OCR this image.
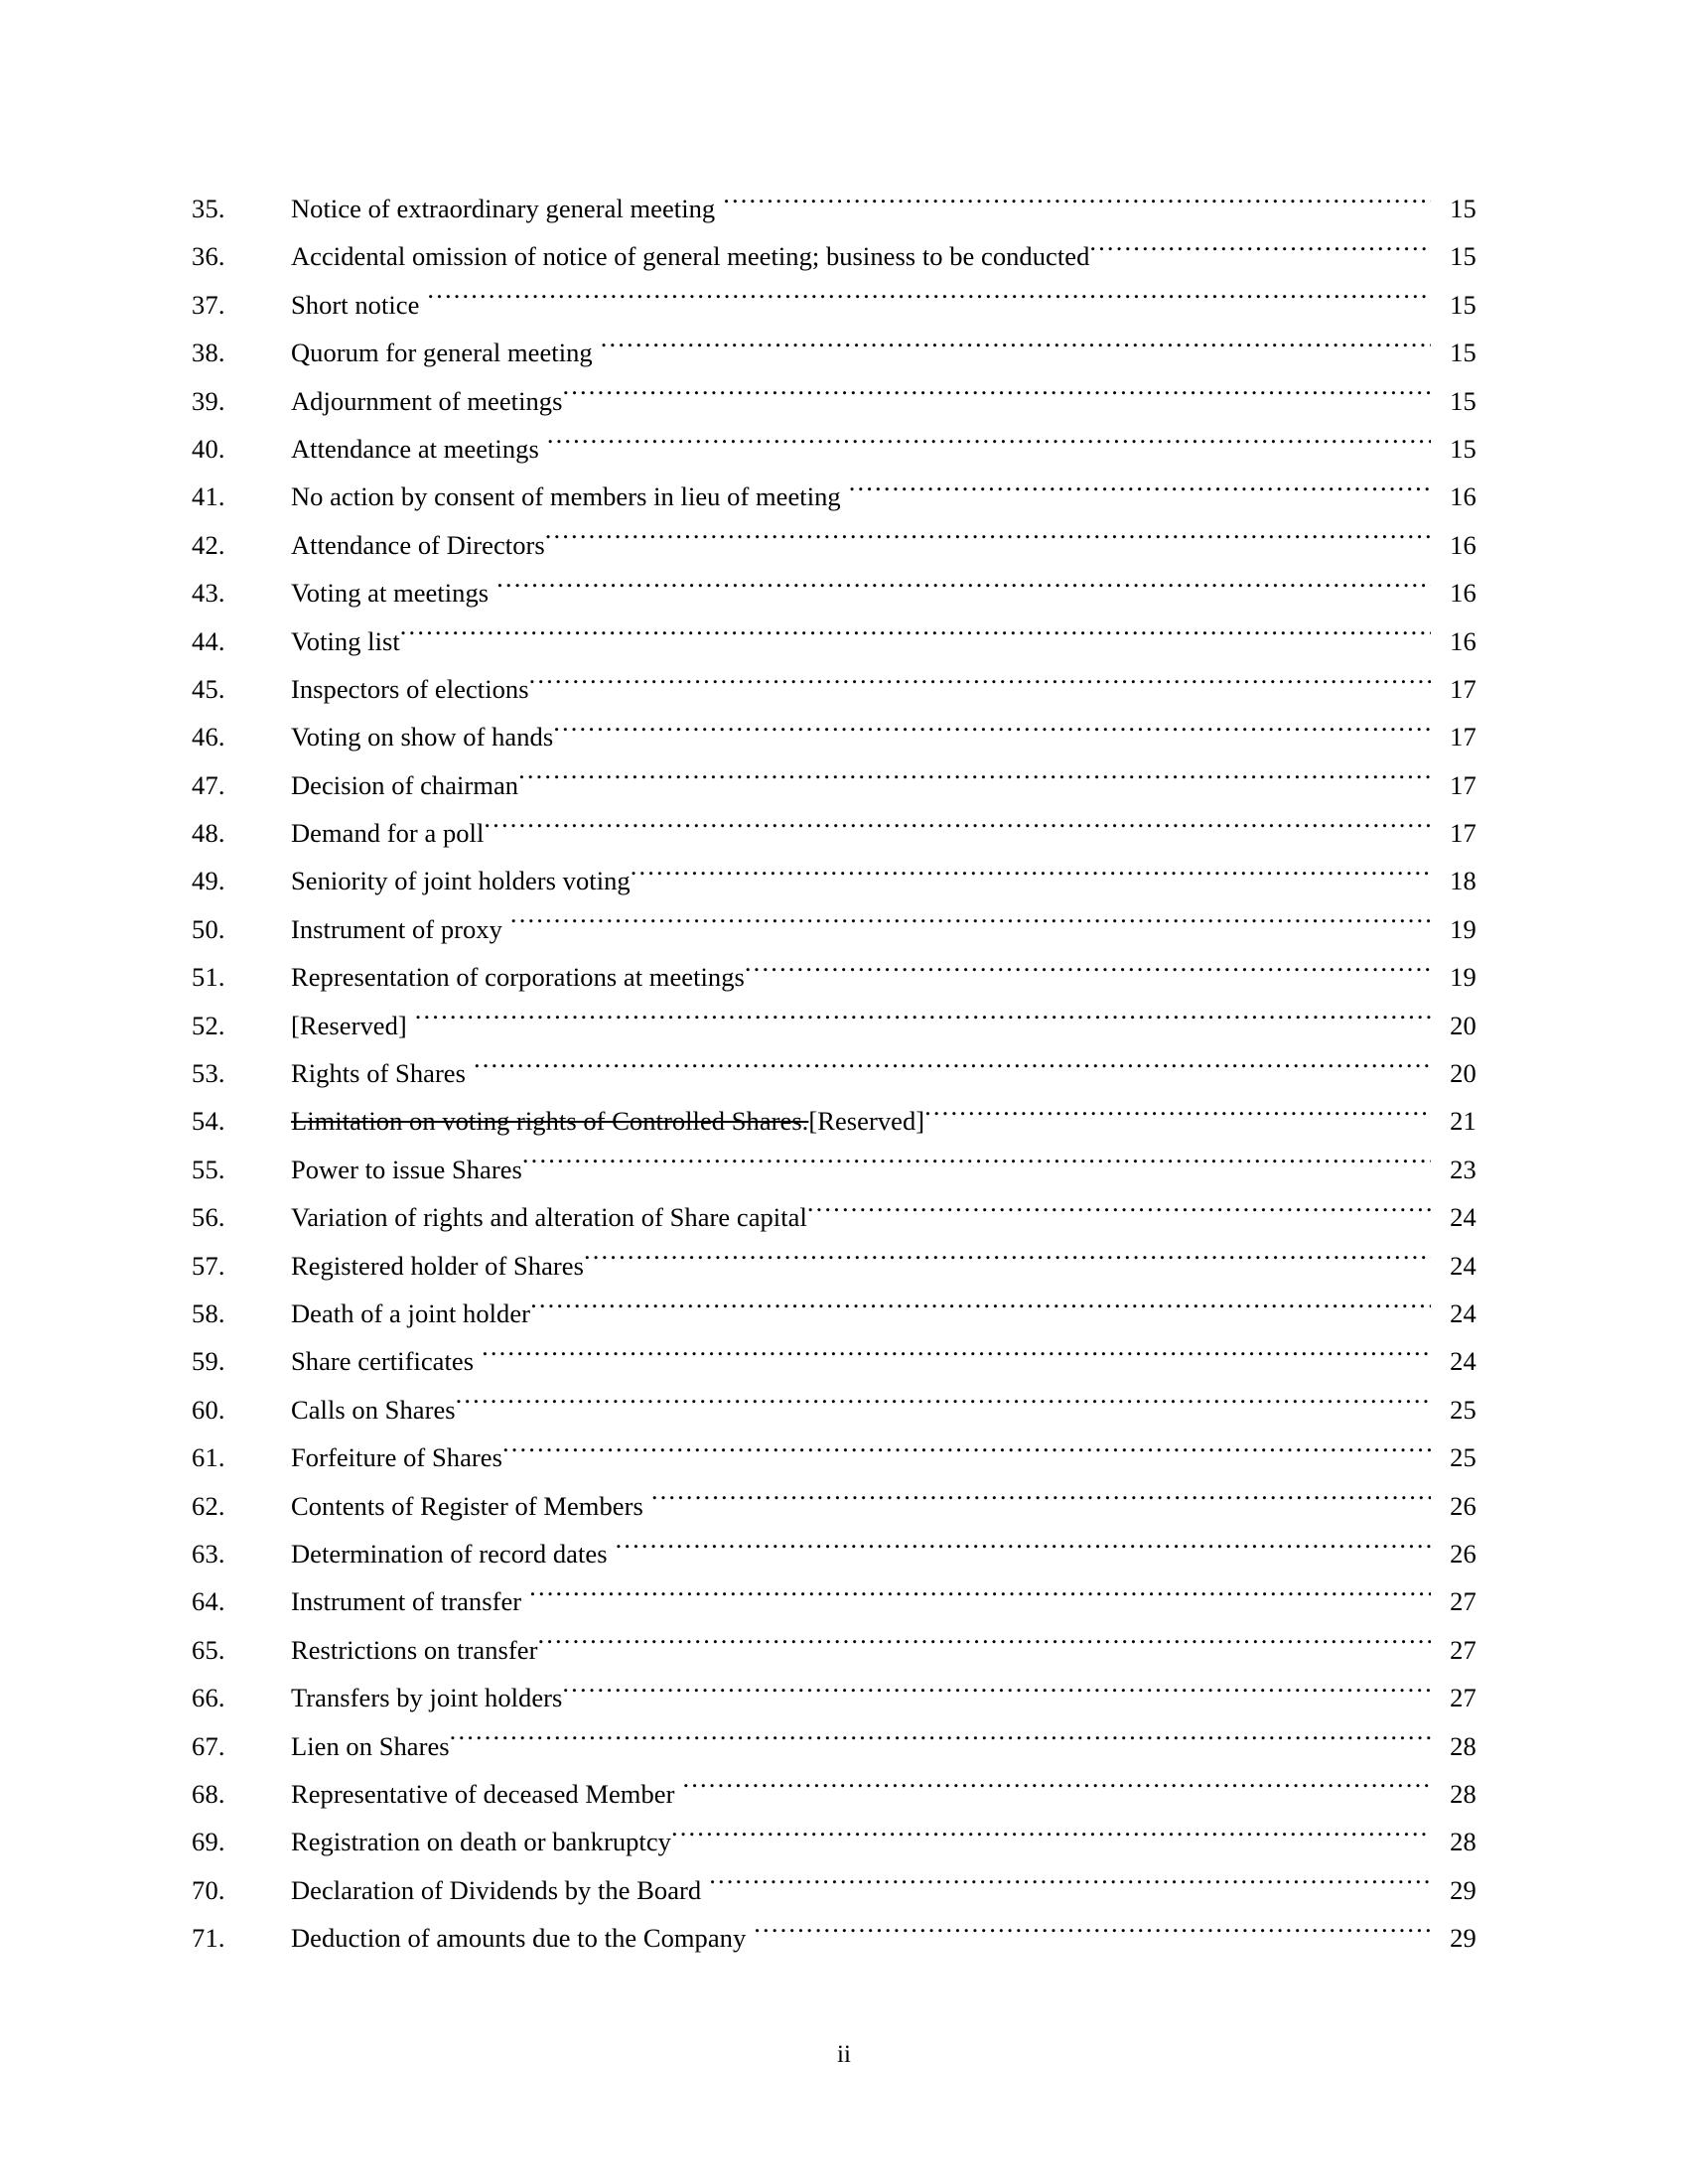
35.	Notice of extraordinary general meeting .....	15
36.	Accidental omission of notice of general meeting; business to be conducted .....	15
37.	Short notice .....	15
38.	Quorum for general meeting .....	15
39.	Adjournment of meetings .....	15
40.	Attendance at meetings .....	15
41.	No action by consent of members in lieu of meeting .....	16
42.	Attendance of Directors .....	16
43.	Voting at meetings .....	16
44.	Voting list .....	16
45.	Inspectors of elections .....	17
46.	Voting on show of hands .....	17
47.	Decision of chairman .....	17
48.	Demand for a poll .....	17
49.	Seniority of joint holders voting .....	18
50.	Instrument of proxy .....	19
51.	Representation of corporations at meetings .....	19
52.	[Reserved] .....	20
53.	Rights of Shares .....	20
54.	Limitation on voting rights of Controlled Shares.[Reserved] .....	21
55.	Power to issue Shares .....	23
56.	Variation of rights and alteration of Share capital .....	24
57.	Registered holder of Shares .....	24
58.	Death of a joint holder .....	24
59.	Share certificates .....	24
60.	Calls on Shares .....	25
61.	Forfeiture of Shares .....	25
62.	Contents of Register of Members .....	26
63.	Determination of record dates .....	26
64.	Instrument of transfer .....	27
65.	Restrictions on transfer .....	27
66.	Transfers by joint holders .....	27
67.	Lien on Shares .....	28
68.	Representative of deceased Member .....	28
69.	Registration on death or bankruptcy .....	28
70.	Declaration of Dividends by the Board .....	29
71.	Deduction of amounts due to the Company .....	29
ii
